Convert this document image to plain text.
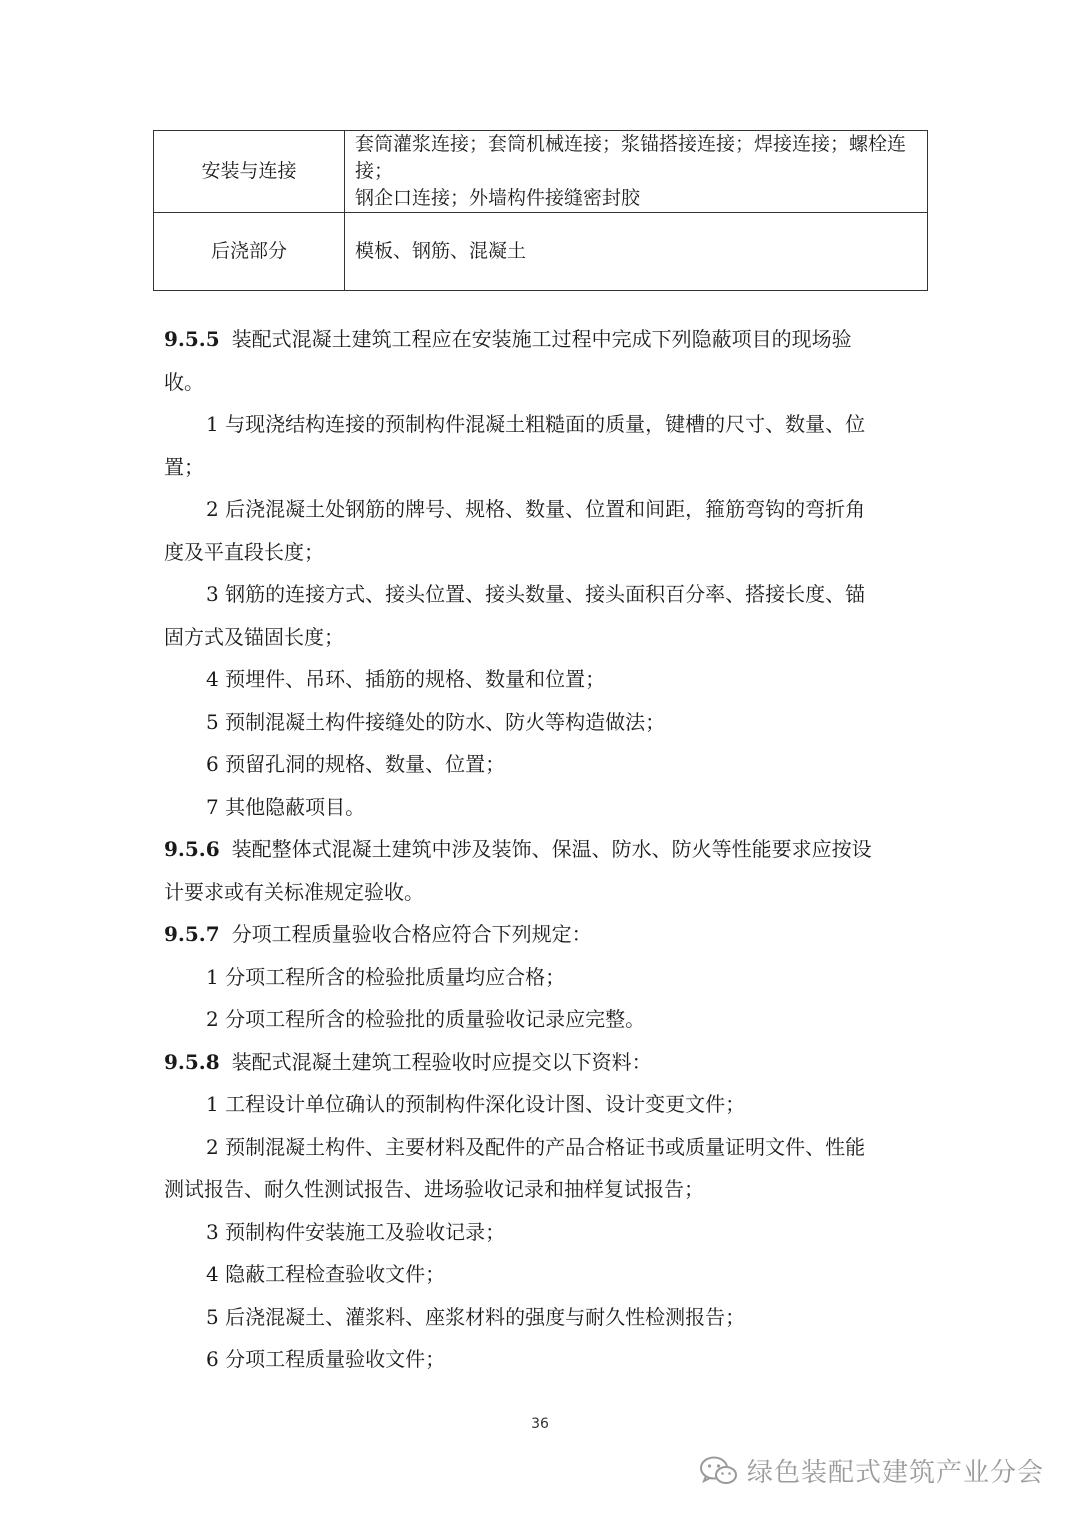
安装与连接	套筒灌浆连接；套筒机械连接；浆锚搭接连接；焊接连接；螺栓连接；
钢企口连接；外墙构件接缝密封胶

后浇部分	模板、钢筋、混凝土

9.5.5 装配式混凝土建筑工程应在安装施工过程中完成下列隐蔽项目的现场验

收。

1 与现浇结构连接的预制构件混凝土粗糙面的质量，键槽的尺寸、数量、位

置；

2 后浇混凝土处钢筋的牌号、规格、数量、位置和间距，箍筋弯钩的弯折角

度及平直段长度；

3 钢筋的连接方式、接头位置、接头数量、接头面积百分率、搭接长度、锚

固方式及锚固长度；

4 预埋件、吊环、插筋的规格、数量和位置；

5 预制混凝土构件接缝处的防水、防火等构造做法；

6 预留孔洞的规格、数量、位置；

7 其他隐蔽项目。

9.5.6 装配整体式混凝土建筑中涉及装饰、保温、防水、防火等性能要求应按设

计要求或有关标准规定验收。

9.5.7 分项工程质量验收合格应符合下列规定：

1 分项工程所含的检验批质量均应合格；

2 分项工程所含的检验批的质量验收记录应完整。

9.5.8 装配式混凝土建筑工程验收时应提交以下资料：

1 工程设计单位确认的预制构件深化设计图、设计变更文件；

2 预制混凝土构件、主要材料及配件的产品合格证书或质量证明文件、性能

测试报告、耐久性测试报告、进场验收记录和抽样复试报告；

3 预制构件安装施工及验收记录；

4 隐蔽工程检查验收文件；

5 后浇混凝土、灌浆料、座浆材料的强度与耐久性检测报告；

6 分项工程质量验收文件；

36
绿色装配式建筑产业分会
